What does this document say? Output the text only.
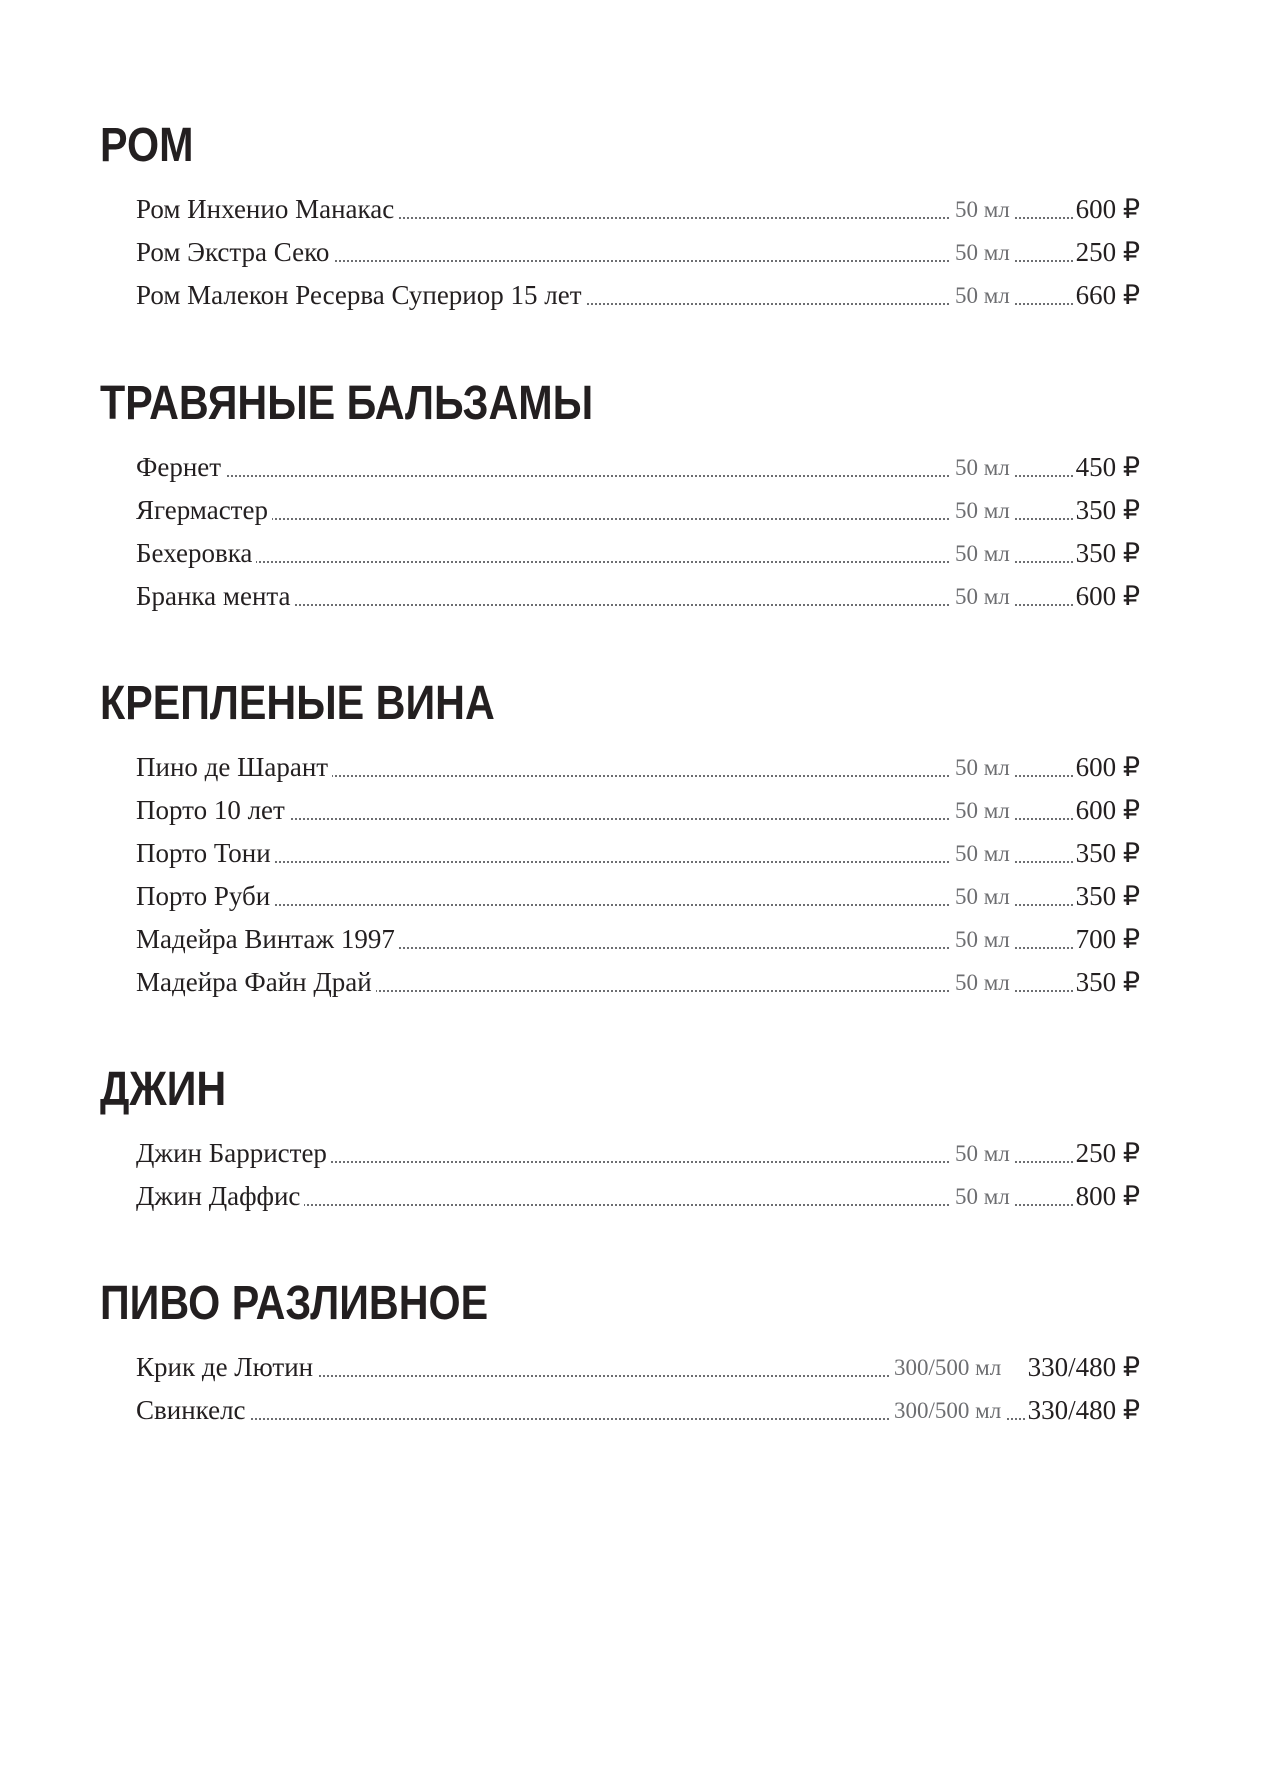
РОМ
Ром Инхенио Манакас	50 мл 600 ₽
Ром Экстра Секо	50 мл 250 ₽
Ром Малекон Ресерва Супериор 15 лет	50 мл 660 ₽
ТРАВЯНЫЕ БАЛЬЗАМЫ
Фернет	50 мл 450 ₽
Ягермастер	50 мл 350 ₽
Бехеровка	50 мл 350 ₽
Бранка мента	50 мл 600 ₽
КРЕПЛЕНЫЕ ВИНА
Пино де Шарант	50 мл 600 ₽
Порто 10 лет	50 мл 600 ₽
Порто Тони	50 мл 350 ₽
Порто Руби	50 мл 350 ₽
Мадейра Винтаж 1997	50 мл 700 ₽
Мадейра Файн Драй	50 мл 350 ₽
ДЖИН
Джин Барристер	50 мл 250 ₽
Джин Даффис	50 мл 800 ₽
ПИВО РАЗЛИВНОЕ
Крик де Лютин	300/500 мл 330/480 ₽
Свинкелс	300/500 мл 330/480 ₽
